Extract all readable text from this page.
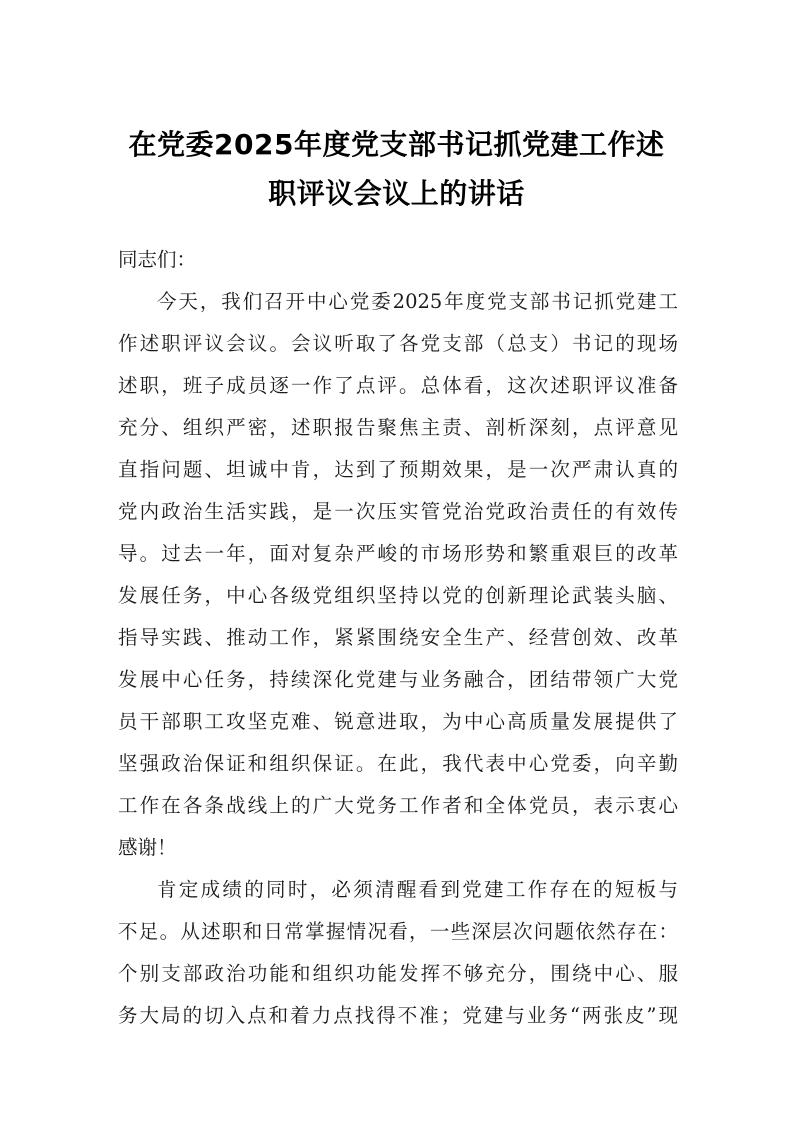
在党委2025年度党支部书记抓党建工作述
职评议会议上的讲话
同志们：
今天，我们召开中心党委2025年度党支部书记抓党建工
作述职评议会议。会议听取了各党支部（总支）书记的现场
述职，班子成员逐一作了点评。总体看，这次述职评议准备
充分、组织严密，述职报告聚焦主责、剖析深刻，点评意见
直指问题、坦诚中肯，达到了预期效果，是一次严肃认真的
党内政治生活实践，是一次压实管党治党政治责任的有效传
导。过去一年，面对复杂严峻的市场形势和繁重艰巨的改革
发展任务，中心各级党组织坚持以党的创新理论武装头脑、
指导实践、推动工作，紧紧围绕安全生产、经营创效、改革
发展中心任务，持续深化党建与业务融合，团结带领广大党
员干部职工攻坚克难、锐意进取，为中心高质量发展提供了
坚强政治保证和组织保证。在此，我代表中心党委，向辛勤
工作在各条战线上的广大党务工作者和全体党员，表示衷心
感谢！
肯定成绩的同时，必须清醒看到党建工作存在的短板与
不足。从述职和日常掌握情况看，一些深层次问题依然存在：
个别支部政治功能和组织功能发挥不够充分，围绕中心、服
务大局的切入点和着力点找得不准；党建与业务“两张皮”现
